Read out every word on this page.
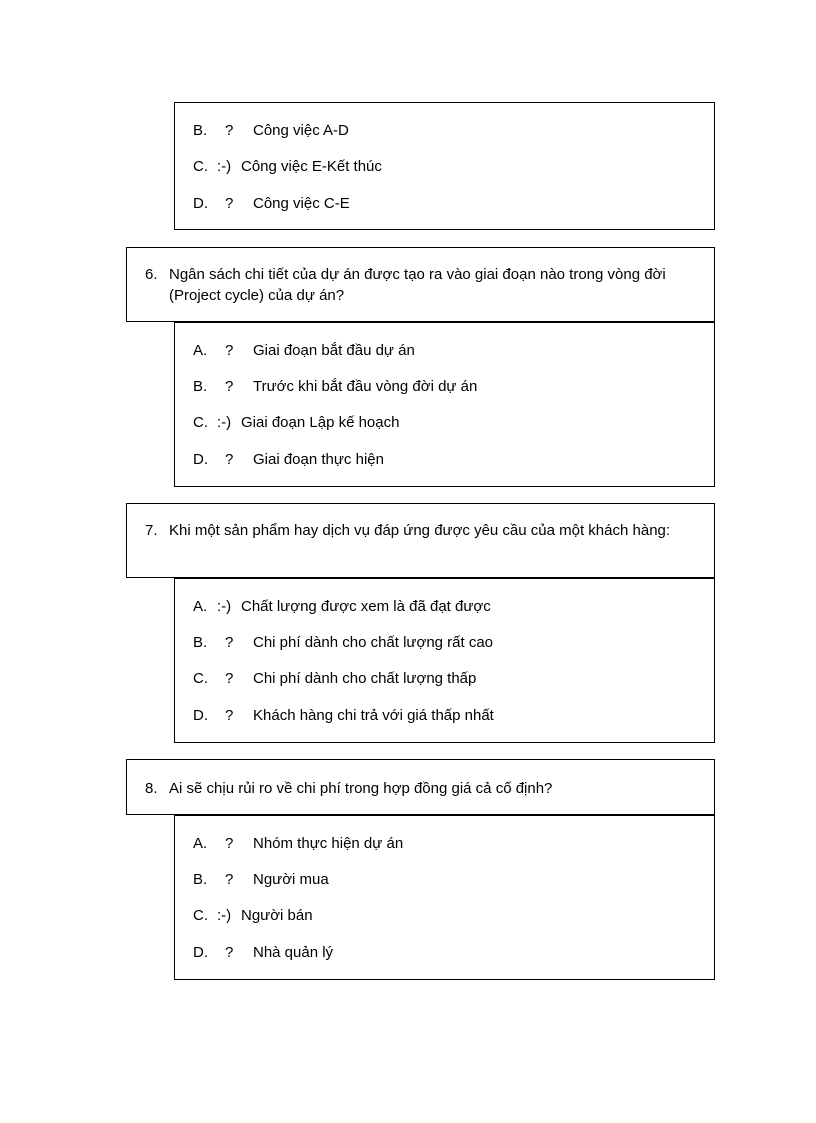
B. ? Công việc A-D
C. :-) Công việc E-Kết thúc
D. ? Công việc C-E
6. Ngân sách chi tiết của dự án được tạo ra vào giai đoạn nào trong vòng đời (Project cycle) của dự án?
A. ? Giai đoạn bắt đầu dự án
B. ? Trước khi bắt đầu vòng đời dự án
C. :-) Giai đoạn Lập kế hoạch
D. ? Giai đoạn thực hiện
7. Khi một sản phẩm hay dịch vụ đáp ứng được yêu cầu của một khách hàng:
A. :-) Chất lượng được xem là đã đạt được
B. ? Chi phí dành cho chất lượng rất cao
C. ? Chi phí dành cho chất lượng thấp
D. ? Khách hàng chi trả với giá thấp nhất
8. Ai sẽ chịu rủi ro về chi phí trong hợp đồng giá cả cố định?
A. ? Nhóm thực hiện dự án
B. ? Người mua
C. :-) Người bán
D. ? Nhà quản lý
